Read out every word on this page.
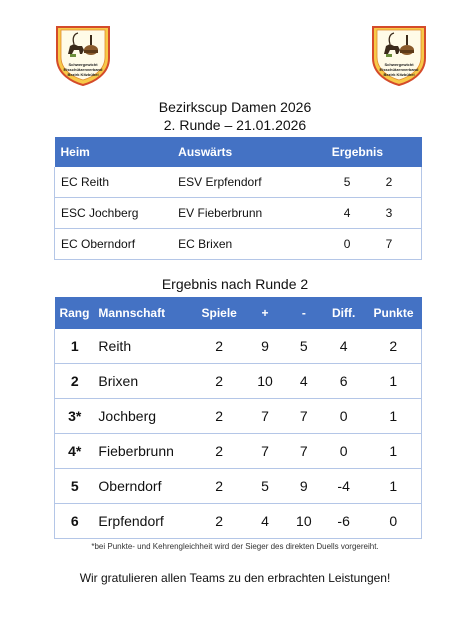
Schwergewicht
Eisschützenverband
Bezirk Kitzbühel
Schwergewicht
Eisschützenverband
Bezirk Kitzbühel
Bezirkscup Damen 2026
2. Runde – 21.01.2026
Heim	Auswärts	Ergebnis	
EC Reith	ESV Erpfendorf	5	2
ESC Jochberg	EV Fieberbrunn	4	3
EC Oberndorf	EC Brixen	0	7
Ergebnis nach Runde 2
Rang	Mannschaft	Spiele	+	-	Diff.	Punkte
1	Reith	2	9	5	4	2
2	Brixen	2	10	4	6	1
3*	Jochberg	2	7	7	0	1
4*	Fieberbrunn	2	7	7	0	1
5	Oberndorf	2	5	9	-4	1
6	Erpfendorf	2	4	10	-6	0
*bei Punkte- und Kehrengleichheit wird der Sieger des direkten Duells vorgereiht.
Wir gratulieren allen Teams zu den erbrachten Leistungen!
